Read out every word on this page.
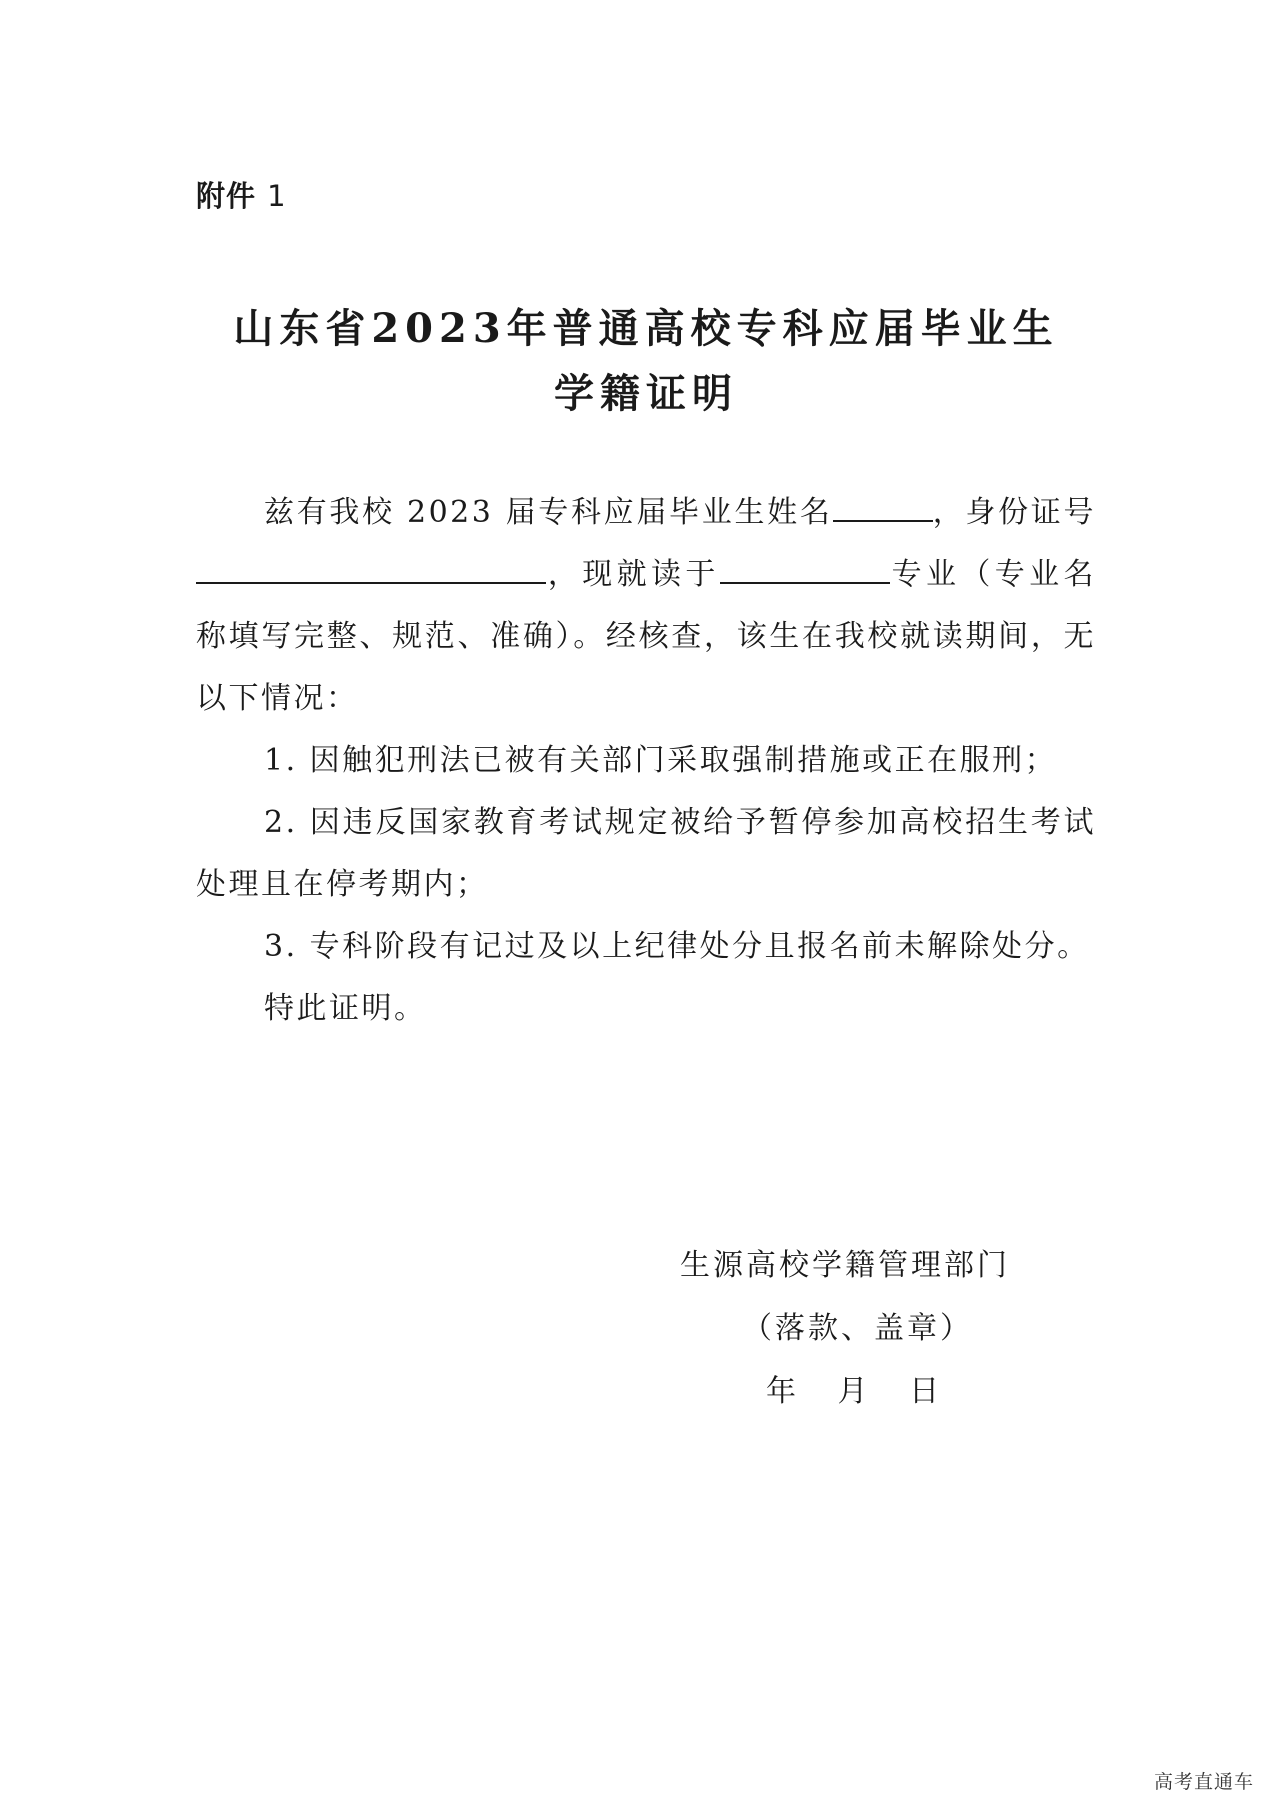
附件 1
山东省2023年普通高校专科应届毕业生
学籍证明

兹有我校 2023 届专科应届毕业生姓名	，身份证号，现就读于	专业（专业名称填写完整、规范、准确）。经核查，该生在我校就读期间，无以下情况：

1. 因触犯刑法已被有关部门采取强制措施或正在服刑；

2. 因违反国家教育考试规定被给予暂停参加高校招生考试处理且在停考期内；

3. 专科阶段有记过及以上纪律处分且报名前未解除处分。

特此证明。

生源高校学籍管理部门
（落款、盖章）
年 月 日
高考直通车
